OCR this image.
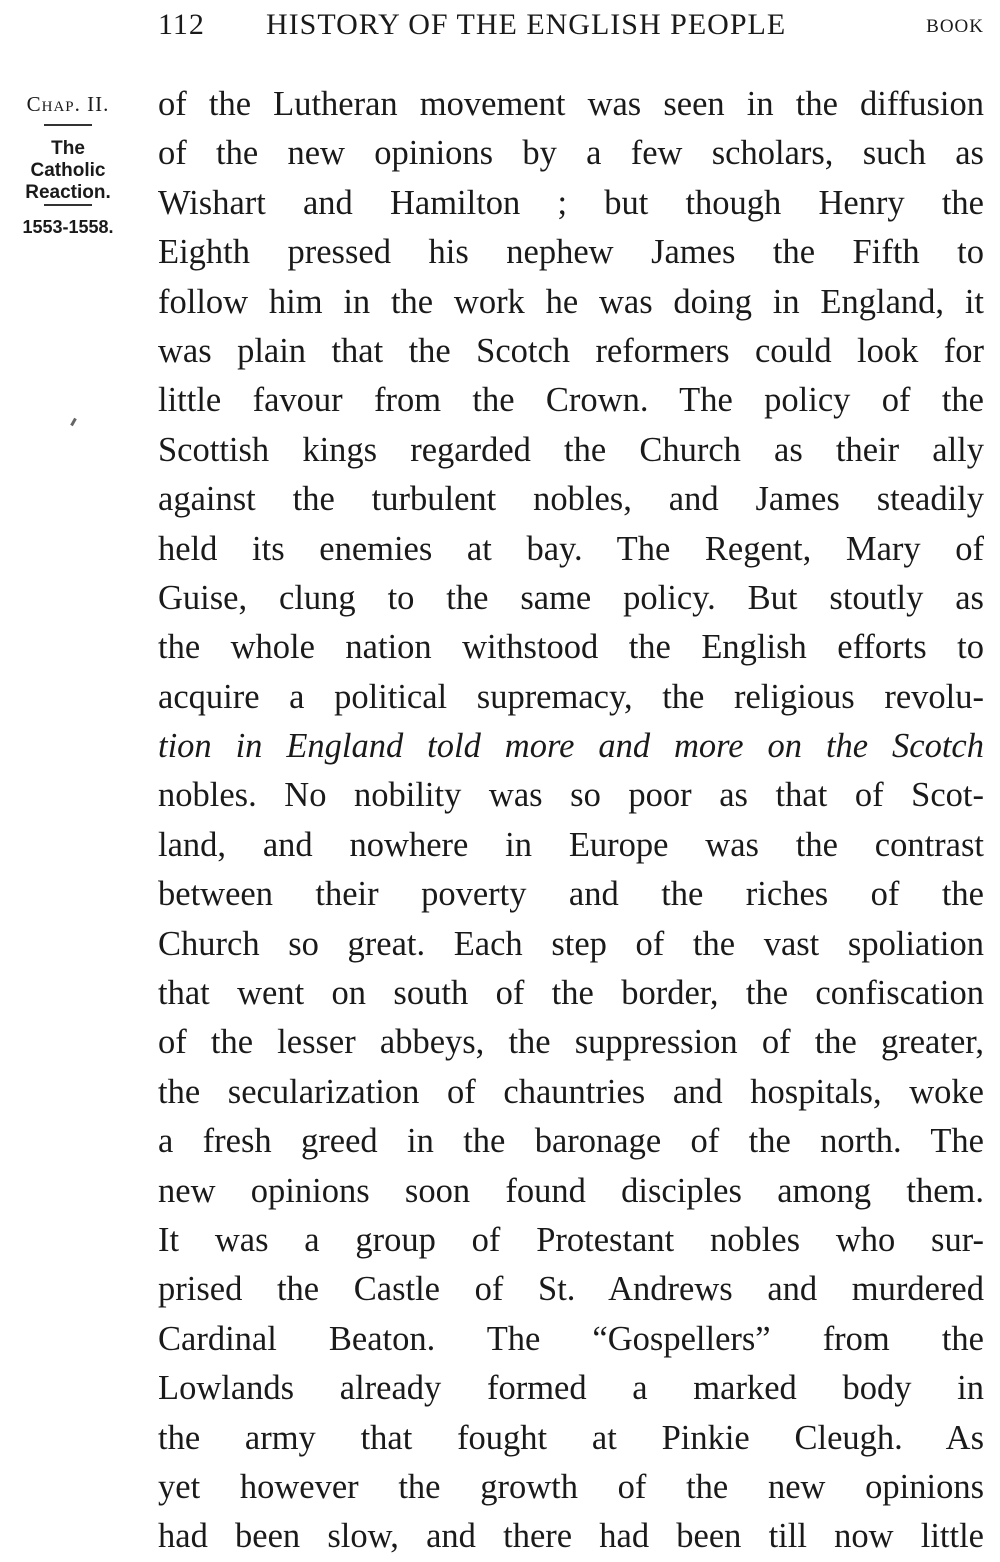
112 HISTORY OF THE ENGLISH PEOPLE	BOOK
Chap. II.
The
Catholic
Reaction.
1553-1558.
of the Lutheran movement was seen in the diffusion
of the new opinions by a few scholars, such as
Wishart and Hamilton ; but though Henry the
Eighth pressed his nephew James the Fifth to
follow him in the work he was doing in England, it
was plain that the Scotch reformers could look for
little favour from the Crown. The policy of the
Scottish kings regarded the Church as their ally
against the turbulent nobles, and James steadily
held its enemies at bay. The Regent, Mary of
Guise, clung to the same policy. But stoutly as
the whole nation withstood the English efforts to
acquire a political supremacy, the religious revolu-
tion in England told more and more on the Scotch
nobles. No nobility was so poor as that of Scot-
land, and nowhere in Europe was the contrast
between their poverty and the riches of the
Church so great. Each step of the vast spoliation
that went on south of the border, the confiscation
of the lesser abbeys, the suppression of the greater,
the secularization of chauntries and hospitals, woke
a fresh greed in the baronage of the north. The
new opinions soon found disciples among them.
It was a group of Protestant nobles who sur-
prised the Castle of St. Andrews and murdered
Cardinal Beaton. The “Gospellers” from the
Lowlands already formed a marked body in
the army that fought at Pinkie Cleugh. As
yet however the growth of the new opinions
had been slow, and there had been till now little
